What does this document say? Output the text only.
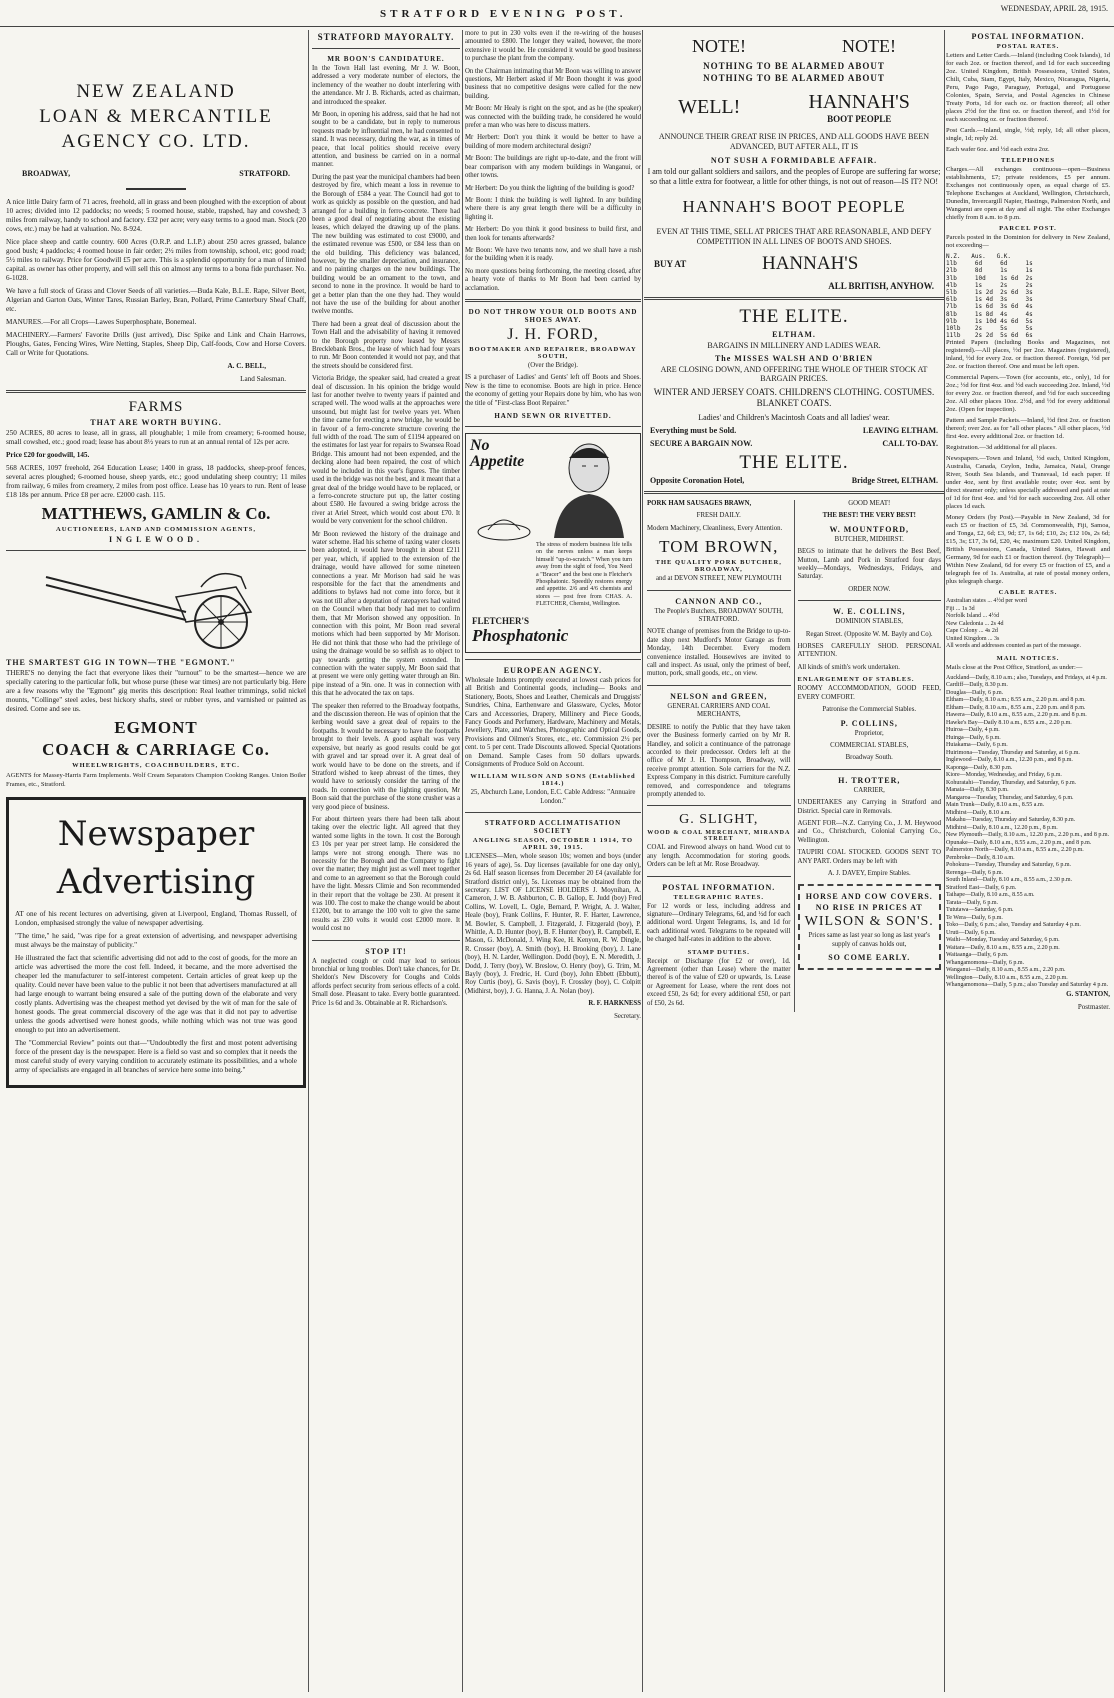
STRATFORD EVENING POST.	WEDNESDAY, APRIL 28, 1915.
NEW ZEALAND
LOAN & MERCANTILE
AGENCY CO. LTD.
BROADWAY,	STRATFORD.

A nice little Dairy farm of 71 acres, freehold, all in grass and been ploughed with the exception of about 10 acres; divided into 12 paddocks; no weeds; 5 roomed house, stable, trapshed, hay and cowshed; 3 miles from railway, handy to school and factory. £32 per acre; very easy terms to a good man. Stock (20 cows, etc.) may be had at valuation. No. 8-924.

Nice place sheep and cattle country. 600 Acres (O.R.P. and L.I.P.) about 250 acres grassed, balance good bush; 4 paddocks; 4 roomed house in fair order; 2½ miles from township, school, etc; good road; 5½ miles to railway. Price for Goodwill £5 per acre. This is a splendid opportunity for a man of limited capital. as owner has other property, and will sell this on almost any terms to a bona fide purchaser. No. 6-1028.

We have a full stock of Grass and Clover Seeds of all varieties.—Buda Kale, B.L.E. Rape, Silver Beet, Algerian and Garton Oats, Winter Tares, Russian Barley, Bran, Pollard, Prime Canterbury Sheaf Chaff, etc.

MANURES.—For all Crops—Lawes Superphosphate, Bonemeal.

MACHINERY.—Farmers' Favorite Drills (just arrived), Disc Spike and Link and Chain Harrows, Ploughs, Gates, Fencing Wires, Wire Netting, Staples, Sheep Dip, Calf-foods, Cow and Horse Covers. Call or Write for Quotations.

A. C. BELL,

Land Salesman.

FARMS
THAT ARE WORTH BUYING.

250 ACRES, 80 acres to lease, all in grass, all ploughable; 1 mile from creamery; 6-roomed house, small cowshed, etc.; good road; lease has about 8½ years to run at an annual rental of 12s per acre.

Price £20 for goodwill, 145.

568 ACRES, 1097 freehold, 264 Education Lease; 1400 in grass, 18 paddocks, sheep-proof fences, several acres ploughed; 6-roomed house, sheep yards, etc.; good undulating sheep country; 11 miles from railway, 6 miles from creamery, 2 miles from post office. Lease has 10 years to run. Rent of lease £18 18s per annum. Price £8 per acre. £2000 cash. 115.

MATTHEWS, GAMLIN & Co.
AUCTIONEERS, LAND AND COMMISSION AGENTS,
INGLEWOOD.
THE SMARTEST GIG IN TOWN—THE "EGMONT."

THERE'S no denying the fact that everyone likes their "turnout" to be the smartest—hence we are specially catering to the particular folk, but whose purse (these war times) are not particularly big. Here are a few reasons why the "Egmont" gig merits this description: Real leather trimmings, solid nickel mounts, "Collinge" steel axles, best hickory shafts, steel or rubber tyres, and varnished or painted as desired. Come and see us.

EGMONT
COACH & CARRIAGE Co.
WHEELWRIGHTS, COACHBUILDERS, ETC.

AGENTS for Massey-Harris Farm Implements. Wolf Cream Separators Champion Cooking Ranges. Union Boiler Frames, etc., Stratford.

Newspaper
Advertising

AT one of his recent lectures on advertising, given at Liverpool, England, Thomas Russell, of London, emphasised strongly the value of newspaper advertising.

"The time," he said, "was ripe for a great extension of advertising, and newspaper advertising must always be the mainstay of publicity."

He illustrated the fact that scientific advertising did not add to the cost of goods, for the more an article was advertised the more the cost fell. Indeed, it became, and the more advertised the cheaper led the manufacturer to self-interest competent. Certain articles of great keep up the quality. Could never have been value to the public it not been that advertisers manufactured at all had large enough to warrant being ensured a sale of the putting down of the elaborate and very costly plants. Advertising was the cheapest method yet devised by the wit of man for the sale of honest goods. The great commercial discovery of the age was that it did not pay to advertise unless the goods advertised were honest goods, while nothing which was not true was good enough to put into an advertisement.

The "Commercial Review" points out that—"Undoubtedly the first and most potent advertising force of the present day is the newspaper. Here is a field so vast and so complex that it needs the most careful study of every varying condition to accurately estimate its possibilities, and a whole army of specialists are engaged in all branches of service here some into being."

STRATFORD MAYORALTY.
MR BOON'S CANDIDATURE.

In the Town Hall last evening, Mr J. W. Boon, addressed a very moderate number of electors, the inclemency of the weather no doubt interfering with the attendance. Mr J. B. Richards, acted as chairman, and introduced the speaker.

Mr Boon, in opening his address, said that he had not sought to be a candidate, but in reply to numerous requests made by influential men, he had consented to stand. It was necessary, during the war, as in times of peace, that local politics should receive every attention, and business be carried on in a normal manner.

During the past year the municipal chambers had been destroyed by fire, which meant a loss in revenue to the Borough of £584 a year. The Council had got to work as quickly as possible on the question, and had arranged for a building in ferro-concrete. There had been a good deal of negotiating about the existing leases, which delayed the drawing up of the plans. The new building was estimated to cost £9000, and the estimated revenue was £500, or £84 less than on the old building. This deficiency was balanced, however, by the smaller depreciation, and insurance, and no painting charges on the new buildings. The building would be an ornament to the town, and second to none in the province. It would be hard to get a better plan than the one they had. They would not have the use of the building for about another twelve months.

There had been a great deal of discussion about the Town Hall and the advisability of having it removed to the Borough property now leased by Messrs Brecklebank Bros., the lease of which had four years to run. Mr Boon contended it would not pay, and that the streets should be considered first.

Victoria Bridge, the speaker said, had created a great deal of discussion. In his opinion the bridge would last for another twelve to twenty years if painted and scraped well. The wood walls at the approaches were unsound, but might last for twelve years yet. When the time came for erecting a new bridge, he would be in favour of a ferro-concrete structure covering the full width of the road. The sum of £1194 appeared on the estimates for last year for repairs to Swansea Road Bridge. This amount had not been expended, and the decking alone had been repaired, the cost of which would be included in this year's figures. The timber used in the bridge was not the best, and it meant that a great deal of the bridge would have to be replaced, or a ferro-concrete structure put up, the latter costing about £580. He favoured a swing bridge across the river at Ariel Street, which would cost about £70. It would be very convenient for the school children.

Mr Boon reviewed the history of the drainage and water scheme. Had his scheme of taxing water closets been adopted, it would have brought in about £211 per year, which, if applied to the extension of the drainage, would have allowed for some nineteen connections a year. Mr Morison had said he was responsible for the fact that the amendments and additions to bylaws had not come into force, but it was not till after a deputation of ratepayers had waited on the Council when that body had met to confirm them, that Mr Morison showed any opposition. In connection with this point, Mr Boon read several motions which had been supported by Mr Morison. He did not think that those who had the privilege of using the drainage would be so selfish as to object to pay towards getting the system extended. In connection with the water supply, Mr Boon said that at present we were only getting water through an 8in. pipe instead of a 9in. one. It was in connection with this that he advocated the tax on taps.

The speaker then referred to the Broadway footpaths, and the discussion thereon. He was of opinion that the kerbing would save a great deal of repairs to the footpaths. It would be necessary to have the footpaths brought to their levels. A good asphalt was very expensive, but nearly as good results could be got with gravel and tar spread over it. A great deal of work would have to be done on the streets, and if Stratford wished to keep abreast of the times, they would have to seriously consider the tarring of the roads. In connection with the lighting question, Mr Boon said that the purchase of the stone crusher was a very good piece of business.

For about thirteen years there had been talk about taking over the electric light. All agreed that they wanted some lights in the town. It cost the Borough £3 10s per year per street lamp. He considered the lamps were not strong enough. There was no necessity for the Borough and the Company to fight over the matter; they might just as well meet together and come to an agreement so that the Borough could have the light. Messrs Climie and Son recommended in their report that the voltage be 230. At present it was 100. The cost to make the change would be about £1200, but to arrange the 100 volt to give the same results as 230 volts it would cost £2000 more. It would cost no

STOP IT!

A neglected cough or cold may lead to serious bronchial or lung troubles. Don't take chances, for Dr. Sheldon's New Discovery for Coughs and Colds affords perfect security from serious effects of a cold. Small dose. Pleasant to take. Every bottle guaranteed. Price 1s 6d and 3s. Obtainable at R. Richardson's.

more to put in 230 volts even if the re-wiring of the houses amounted to £800. The longer they waited, however, the more extensive it would be. He considered it would be good business to purchase the plant from the company.

On the Chairman intimating that Mr Boon was willing to answer questions, Mr Herbert asked if Mr Boon thought it was good business that no competitive designs were called for the new building.

Mr Boon: Mr Healy is right on the spot, and as he (the speaker) was connected with the building trade, he considered he would prefer a man who was here to discuss matters.

Mr Herbert: Don't you think it would be better to have a building of more modern architectural design?

Mr Boon: The buildings are right up-to-date, and the front will bear comparison with any modern buildings in Wanganui, or other towns.

Mr Herbert: Do you think the lighting of the building is good?

Mr Boon: I think the building is well lighted. In any building where there is any great length there will be a difficulty in lighting it.

Mr Herbert: Do you think it good business to build first, and then look for tenants afterwards?

Mr Boon: We have two tenants now, and we shall have a rush for the building when it is ready.

No more questions being forthcoming, the meeting closed, after a hearty vote of thanks to Mr Boon had been carried by acclamation.

DO NOT THROW YOUR OLD BOOTS AND SHOES AWAY.
J. H. FORD,
BOOTMAKER AND REPAIRER, BROADWAY SOUTH,

(Over the Bridge).

IS a purchaser of Ladies' and Gents' left off Boots and Shoes. New is the time to economise. Boots are high in price. Hence the economy of getting your Repairs done by him, who has won the title of "First-class Boot Repairer."

HAND SEWN OR RIVETTED.
No Appetite

The stress of modern business life tells on the nerves unless a man keeps himself "up-to-scratch." When you turn away from the sight of food, You Need a "Bracer" and the best one is Fletcher's Phosphatonic. Speedily restores energy and appetite. 2/6 and 4/6 chemists and stores — post free from CHAS. A. FLETCHER, Chemist, Wellington.

FLETCHER'S
Phosphatonic
EUROPEAN AGENCY.

Wholesale Indents promptly executed at lowest cash prices for all British and Continental goods, including— Books and Stationery, Boots, Shoes and Leather, Chemicals and Druggists' Sundries, China, Earthenware and Glassware, Cycles, Motor Cars and Accessories, Drapery, Millinery and Piece Goods, Fancy Goods and Perfumery, Hardware, Machinery and Metals, Jewellery, Plate, and Watches, Photographic and Optical Goods, Provisions and Oilmen's Stores, etc., etc. Commission 2½ per cent. to 5 per cent. Trade Discounts allowed. Special Quotations on Demand. Sample Cases from 50 dollars upwards. Consignments of Produce Sold on Account.

WILLIAM WILSON AND SONS (Established 1814.)

25, Abchurch Lane, London, E.C. Cable Address: "Annuaire London."

STRATFORD ACCLIMATISATION SOCIETY
ANGLING SEASON, OCTOBER 1 1914, TO APRIL 30, 1915.

LICENSES—Men, whole season 10s; women and boys (under 16 years of age), 5s. Day licenses (available for one day only), 2s 6d. Half season licenses from December 20 £4 (available for Stratford district only), 5s. Licenses may be obtained from the secretary. LIST OF LICENSE HOLDERS J. Moynihan, A. Cameron, J. W. B. Ashburton, C. B. Gallop, E. Judd (boy) Fred Collins, W. Lovell, L. Ogle, Bernard, P. Wright, A. J. Walter, Heale (boy), Frank Collins, F. Hunter, R. F. Harter, Lawrence, M. Bowler, S. Campbell, J. Fitzgerald, J. Fitzgerald (boy), P. Whittle, A. D. Hunter (boy), B. F. Hunter (boy), R. Campbell, E. Mason, G. McDonald, J. Wing Kee, H. Kenyon, R. W. Dingle, R. Crosser (boy), A. Smith (boy), H. Brooking (boy), J. Lane (boy), H. N. Larder, Wellington. Dodd (boy), E. N. Meredith, J. Dodd, J. Terry (boy), W. Breslow, O. Henry (boy), G. Trim, M. Bayly (boy), J. Fredric, H. Curd (boy), John Ebbett (Ebbutt), Roy Curtis (boy), G. Savis (boy), F. Crossley (boy), C. Colpitt (Midhirst, boy), J. G. Hanna, J. A. Nolan (boy).

R. F. HARKNESS

Secretary.

NOTE!	NOTE!
NOTHING TO BE ALARMED ABOUT
NOTHING TO BE ALARMED ABOUT
WELL!	HANNAH'S
BOOT PEOPLE

ANNOUNCE THEIR GREAT RISE IN PRICES, AND ALL GOODS HAVE BEEN ADVANCED, BUT AFTER ALL, IT IS

NOT SUSH A FORMIDABLE AFFAIR.

I am told our gallant soldiers and sailors, and the peoples of Europe are suffering far worse; so that a little extra for footwear, a little for other things, is not out of reason—IS IT? NO!

HANNAH'S BOOT PEOPLE

EVEN AT THIS TIME, SELL AT PRICES THAT ARE REASONABLE, AND DEFY COMPETITION IN ALL LINES OF BOOTS AND SHOES.

BUY AT	HANNAH'S
ALL BRITISH, ANYHOW.
THE ELITE.
ELTHAM.

BARGAINS IN MILLINERY AND LADIES WEAR.

The MISSES WALSH AND O'BRIEN

ARE CLOSING DOWN, AND OFFERING THE WHOLE OF THEIR STOCK AT BARGAIN PRICES.

WINTER AND JERSEY COATS. CHILDREN'S CLOTHING. COSTUMES. BLANKET COATS.

Ladies' and Children's Macintosh Coats and all ladies' wear.

Everything must be Sold.	LEAVING ELTHAM.
SECURE A BARGAIN NOW.	CALL TO-DAY.
THE ELITE.
Opposite Coronation Hotel,	Bridge Street, ELTHAM.

PORK HAM SAUSAGES BRAWN,

FRESH DAILY.

Modern Machinery, Cleanliness, Every Attention.

TOM BROWN,
THE QUALITY PORK BUTCHER, BROADWAY,

and at DEVON STREET, NEW PLYMOUTH

CANNON AND CO.,

The People's Butchers, BROADWAY SOUTH, STRATFORD.

NOTE change of premises from the Bridge to up-to-date shop next Mudford's Motor Garage as from Monday, 14th December. Every modern convenience installed. Housewives are invited to call and inspect. As usual, only the primest of beef, mutton, pork, small goods, etc., on view.

NELSON and GREEN,

GENERAL CARRIERS AND COAL MERCHANTS,

DESIRE to notify the Public that they have taken over the Business formerly carried on by Mr R. Handley, and solicit a continuance of the patronage accorded to their predecessor. Orders left at the office of Mr J. H. Thompson, Broadway, will receive prompt attention. Sole carriers for the N.Z. Express Company in this district. Furniture carefully removed, and correspondence and telegrams promptly attended to.

G. SLIGHT,
WOOD & COAL MERCHANT, MIRANDA STREET

COAL and Firewood always on hand. Wood cut to any length. Accommodation for storing goods. Orders can be left at Mr. Rose Broadway.

POSTAL INFORMATION.
TELEGRAPHIC RATES.

For 12 words or less, including address and signature—Ordinary Telegrams, 6d, and ½d for each additional word. Urgent Telegrams, 1s, and 1d for each additional word. Telegrams to be repeated will be charged half-rates in addition to the above.

STAMP DUTIES.

Receipt or Discharge (for £2 or over), 1d. Agreement (other than Lease) where the matter thereof is of the value of £20 or upwards, 1s. Lease or Agreement for Lease, where the rent does not exceed £50, 2s 6d; for every additional £50, or part of £50, 2s 6d.

GOOD MEAT!

THE BEST! THE VERY BEST!

W. MOUNTFORD,

BUTCHER, MIDHIRST.

BEGS to intimate that he delivers the Best Beef, Mutton, Lamb and Pork in Stratford four days weekly—Mondays, Wednesdays, Fridays, and Saturday.

ORDER NOW.

W. E. COLLINS,

DOMINION STABLES,

Regan Street. (Opposite W. M. Bayly and Co).

HORSES CAREFULLY SHOD. PERSONAL ATTENTION.

All kinds of smith's work undertaken.

ENLARGEMENT OF STABLES.

ROOMY ACCOMMODATION, GOOD FEED, EVERY COMFORT.

Patronise the Commercial Stables.

P. COLLINS,

Proprietor,

COMMERCIAL STABLES,

Broadway South.

H. TROTTER,

CARRIER,

UNDERTAKES any Carrying in Stratford and District. Special care in Removals.

AGENT FOR—N.Z. Carrying Co., J. M. Heywood and Co., Christchurch, Colonial Carrying Co., Wellington.

TAUPIRI COAL STOCKED. GOODS SENT TO ANY PART. Orders may be left with

A. J. DAVEY, Empire Stables.

HORSE AND COW COVERS.
NO RISE IN PRICES AT
WILSON & SON'S.

Prices same as last year so long as last year's supply of canvas holds out,

SO COME EARLY.
POSTAL INFORMATION.
POSTAL RATES.

Letters and Letter Cards.—Inland (including Cook Islands), 1d for each 2oz. or fraction thereof, and 1d for each succeeding 2oz. United Kingdom, British Possessions, United States, Chili, Cuba, Siam, Egypt, Italy, Mexico, Nicaragua, Nigeria, Peru, Pago Pago, Paraguay, Portugal, and Portuguese Colonies, Spain, Servia, and Postal Agencies in Chinese Treaty Ports, 1d for each oz. or fraction thereof; all other places 2½d for the first oz. or fraction thereof, and 1½d for each succeeding oz. or fraction thereof.

Post Cards.—Inland, single, ½d; reply, 1d; all other places, single, 1d; reply 2d.

Each wafer 6oz. and ½d each extra 2oz.

TELEPHONES

Charges.—All exchanges continuous—open—Business establishments, £7; private residences, £5 per annum. Exchanges not continuously open, as equal charge of £5. Telephone Exchanges at Auckland, Wellington, Christchurch, Dunedin, Invercargill Napier, Hastings, Palmerston North, and Wanganui are open at day and all night. The other Exchanges chiefly from 8 a.m. to 8 p.m.

PARCEL POST.

Parcels posted in the Dominion for delivery in New Zealand, not exceeding—

N.Z.   Aus.   G.K.
1lb     6d     6d     1s
2lb     8d     1s     1s
3lb     10d    1s 6d  2s
4lb     1s     2s     2s
5lb     1s 2d  2s 6d  3s
6lb     1s 4d  3s     3s
7lb     1s 6d  3s 6d  4s
8lb     1s 8d  4s     4s
9lb     1s 10d 4s 6d  5s
10lb    2s     5s     5s
11lb    2s 2d  5s 6d  6s

Printed Papers (including Books and Magazines, not registered).—All places, ½d per 2oz. Magazines (registered), inland, ½d for every 2oz. or fraction thereof. Foreign, ½d per 2oz. or fraction thereof. One and must be left open.

Commercial Papers.—Town (for accounts, etc., only), 1d for 2oz.; ½d for first 4oz. and ½d each succeeding 2oz. Inland, ½d for every 2oz. or fraction thereof, and ½d for each succeeding 2oz. All other places 10oz. 2½d, and ½d for every additional 2oz. (Open for inspection).

Pattern and Sample Packets.—Inland, ½d first 2oz. or fraction thereof; over 2oz. as for "all other places." All other places, ½d first 4oz. every additional 2oz. or fraction 1d.

Registration.—3d additional for all places.

Newspapers.—Town and Inland, ½d each, United Kingdom, Australia, Canada, Ceylon, India, Jamaica, Natal, Orange River, South Sea Islands, and Transvaal, 1d each paper. If under 4oz, sent by first available route; over 4oz. sent by direct steamer only; unless specially addressed and paid at rate of 1d for first 4oz. and ½d for each succeeding 2oz. All other places 1d each.

Money Orders (by Post).—Payable in New Zealand, 3d for each £5 or fraction of £5, 3d. Commonwealth, Fiji, Samoa, and Tonga, £2, 6d; £3, 9d; £7, 1s 6d; £10, 2s; £12 10s, 2s 6d; £15, 3s; £17, 3s 6d, £20, 4s; maximum £20. United Kingdom, British Possessions, Canada, United States, Hawaii and Germany, 9d for each £1 or fraction thereof. (by Telegraph)—Within New Zealand, 6d for every £5 or fraction of £5, and a telegraph fee of 1s. Australia, at rate of postal money orders, plus telegraph charge.

CABLE RATES.
Australian states ... 4½d per word
Fiji ... 1s 3d
Norfolk Island ... 4½d
New Caledonia ... 2s 4d
Cape Colony ... 4s 2d
United Kingdom ... 3s
All words and addresses counted as part of the message.
MAIL NOTICES.

Mails close at the Post Office, Stratford, as under:—

Auckland—Daily, 8.10 a.m.; also, Tuesdays, and Fridays, at 4 p.m.
Cardiff—Daily, 8.30 p.m.
Douglas—Daily, 6 p.m.
Eltham—Daily, 8.10 a.m.; 8.55 a.m., 2.20 p.m. and 8 p.m.
Eltham—Daily, 8.10 a.m., 8.55 a.m., 2.20 p.m. and 8 p.m.
Hawera—Daily, 8.10 a.m., 8.55 a.m., 2.20 p.m. and 8 p.m.
Hawke's Bay—Daily 8.10 a.m., 8.55 a.m., 2.20 p.m.
Huiroa—Daily, 4 p.m.
Huinga—Daily, 6 p.m.
Huiakama—Daily, 6 p.m.
Huirimona—Tuesday, Thursday and Saturday, at 6 p.m.
Inglewood—Daily, 8.10 a.m., 12.20 p.m., and 8 p.m.
Kaponga—Daily, 8.30 p.m.
Kiore—Monday, Wednesday, and Friday, 6 p.m.
Kohuratahi—Tuesday, Thursday, and Saturday, 6 p.m.
Manaia—Daily, 8.30 p.m.
Mangaroa—Tuesday, Thursday, and Saturday, 6 p.m.
Main Trunk—Daily, 8.10 a.m., 8.55 a.m.
Midhirst—Daily, 8.10 a.m.
Makahu—Tuesday, Thursday and Saturday, 8.30 p.m.
Midhirst—Daily, 8.10 a.m., 12.20 p.m., 8 p.m.
New Plymouth—Daily, 8.10 a.m., 12.20 p.m., 2.20 p.m., and 8 p.m.
Opunake—Daily, 8.10 a.m., 8.55 a.m., 2.20 p.m., and 8 p.m.
Palmerston North—Daily, 8.10 a.m., 8.55 a.m., 2.20 p.m.
Pembroke—Daily, 8.10 a.m.
Pohokura—Tuesday, Thursday and Saturday, 6 p.m.
Rerenga—Daily, 6 p.m.
South Inland—Daily, 8.10 a.m., 8.55 a.m., 2.30 p.m.
Stratford East—Daily, 6 p.m.
Taihape—Daily, 8.10 a.m., 8.55 a.m.
Tarata—Daily, 6 p.m.
Tututawa—Saturday, 6 p.m.
Te Wera—Daily, 6 p.m.
Toko—Daily, 6 p.m.; also, Tuesday and Saturday 4 p.m.
Uruti—Daily, 6 p.m.
Waihi—Monday, Tuesday and Saturday, 6 p.m.
Waitara—Daily, 8.10 a.m., 8.55 a.m., 2.20 p.m.
Waitaanga—Daily, 6 p.m.
Whangamomona—Daily, 6 p.m.
Wanganui—Daily, 8.10 a.m., 8.55 a.m., 2.20 p.m.
Wellington—Daily, 8.10 a.m., 8.55 a.m., 2.20 p.m.
Whangamomona—Daily, 5 p.m.; also Tuesday and Saturday 4 p.m.

G. STANTON,

Postmaster.
